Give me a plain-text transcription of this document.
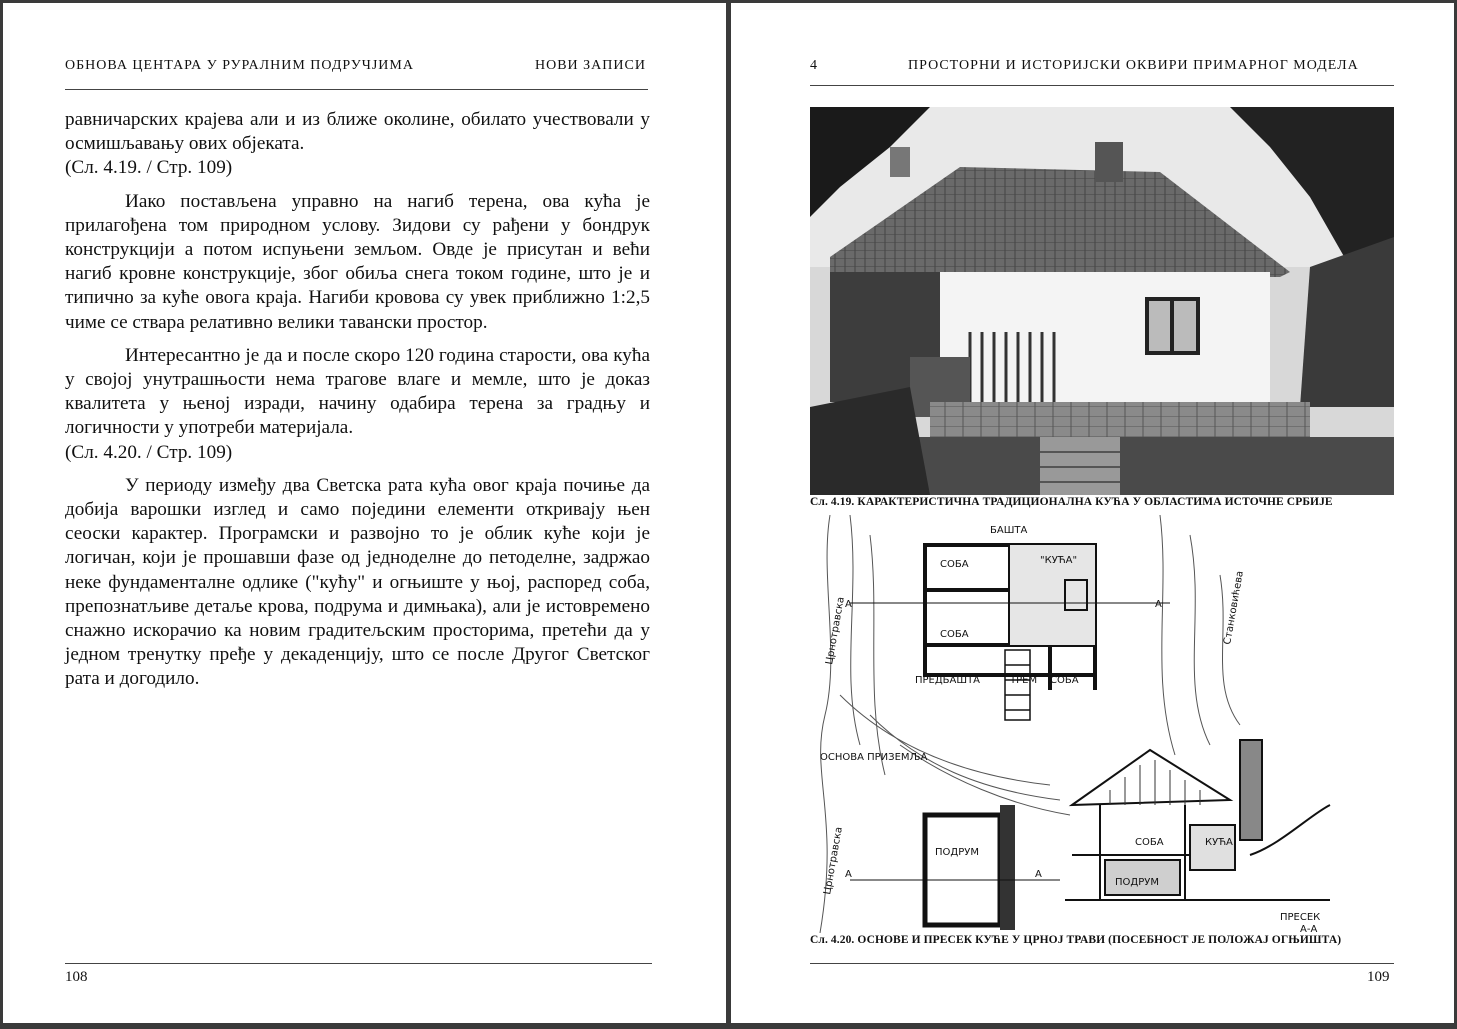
ОБНОВА ЦЕНТАРА У РУРАЛНИМ ПОДРУЧЈИМА	НОВИ ЗАПИСИ

равничарских крајева али и из ближе околине, обилато учествовали у осмишљавању ових објеката.

(Сл. 4.19. / Стр. 109)

Иако постављена управно на нагиб терена, ова кућа је прилагођена том природном услову. Зидови су рађени у бондрук конструкцији а потом испуњени земљом. Овде је присутан и већи нагиб кровне конструкције, због обиља снега током године, што је и типично за куће овога краја. Нагиби кровова су увек приближно 1:2,5 чиме се ствара релативно велики тавански простор.

Интересантно је да и после скоро 120 година старости, ова кућа у својој унутрашњости нема трагове влаге и мемле, што је доказ квалитета у њеној изради, начину одабира терена за градњу и логичности у употреби материјала.

(Сл. 4.20. / Стр. 109)

У периоду између два Светска рата кућа овог краја почиње да добија варошки изглед и само поједини елементи откривају њен сеоски карактер. Програмски и развојно то је облик куће који је логичан, који је прошавши фазе од једноделне до петоделне, задржао неке фундаменталне одлике ("кућу" и огњиште у њој, распоред соба, препознатљиве детаље крова, подрума и димњака), али је истовремено снажно искорачио ка новим градитељским просторима, претећи да у једном тренутку пређе у декаденцију, што се после Другог Светског рата и догодило.

108
4	ПРОСТОРНИ И ИСТОРИЈСКИ ОКВИРИ ПРИМАРНОГ МОДЕЛА
Сл. 4.19. КАРАКТЕРИСТИЧНА ТРАДИЦИОНАЛНА КУЋА У ОБЛАСТИМА ИСТОЧНЕ СРБИЈЕ
БАШТА
СОБА	"КУЋА"
СОБА
ПРЕДБАШТА	ТРЕМ СОБА
ОСНОВА ПРИЗЕМЉА
А	А
Црнотравска	Станковићева
ПОДРУМ
А	А
Црнотравска	СОБА	КУЋА
ПОДРУМ
ПРЕСЕК
А-А
Сл. 4.20. ОСНОВЕ И ПРЕСЕК КУЋЕ У ЦРНОЈ ТРАВИ (ПОСЕБНОСТ ЈЕ ПОЛОЖАЈ ОГЊИШТА)
109
